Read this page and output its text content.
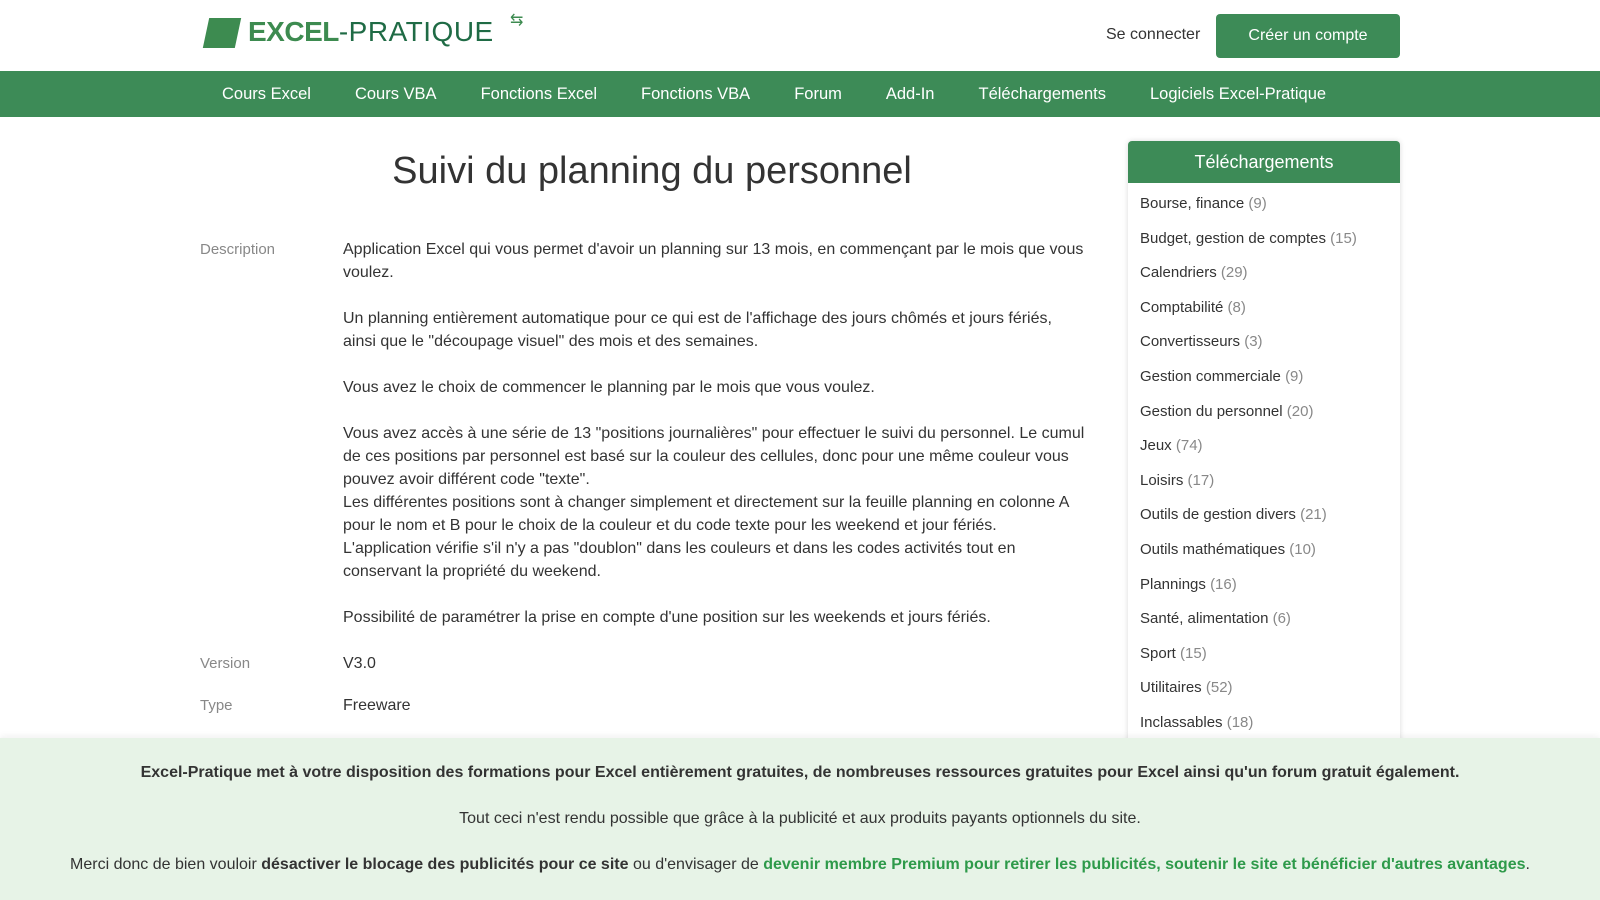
EXCEL -PRATIQUE ⇆
Se connecter	Créer un compte
Cours Excel	Cours VBA	Fonctions Excel	Fonctions VBA	Forum	Add-In	Téléchargements	Logiciels Excel-Pratique
Suivi du planning du personnel
Description	Application Excel qui vous permet d'avoir un planning sur 13 mois, en commençant par le mois que vous voulez.

Un planning entièrement automatique pour ce qui est de l'affichage des jours chômés et jours fériés, ainsi que le "découpage visuel" des mois et des semaines.

Vous avez le choix de commencer le planning par le mois que vous voulez.

Vous avez accès à une série de 13 "positions journalières" pour effectuer le suivi du personnel. Le cumul de ces positions par personnel est basé sur la couleur des cellules, donc pour une même couleur vous pouvez avoir différent code "texte".

Les différentes positions sont à changer simplement et directement sur la feuille planning en colonne A pour le nom et B pour le choix de la couleur et du code texte pour les weekend et jour fériés. L'application vérifie s'il n'y a pas "doublon" dans les couleurs et dans les codes activités tout en conservant la propriété du weekend.

Possibilité de paramétrer la prise en compte d'une position sur les weekends et jours fériés.

Version	V3.0
Type	Freeware
Téléchargements
Bourse, finance (9)
Budget, gestion de comptes (15)
Calendriers (29)
Comptabilité (8)
Convertisseurs (3)
Gestion commerciale (9)
Gestion du personnel (20)
Jeux (74)
Loisirs (17)
Outils de gestion divers (21)
Outils mathématiques (10)
Plannings (16)
Santé, alimentation (6)
Sport (15)
Utilitaires (52)
Inclassables (18)

Excel-Pratique met à votre disposition des formations pour Excel entièrement gratuites, de nombreuses ressources gratuites pour Excel ainsi qu'un forum gratuit également.

Tout ceci n'est rendu possible que grâce à la publicité et aux produits payants optionnels du site.

Merci donc de bien vouloir désactiver le blocage des publicités pour ce site ou d'envisager de devenir membre Premium pour retirer les publicités, soutenir le site et bénéficier d'autres avantages.
